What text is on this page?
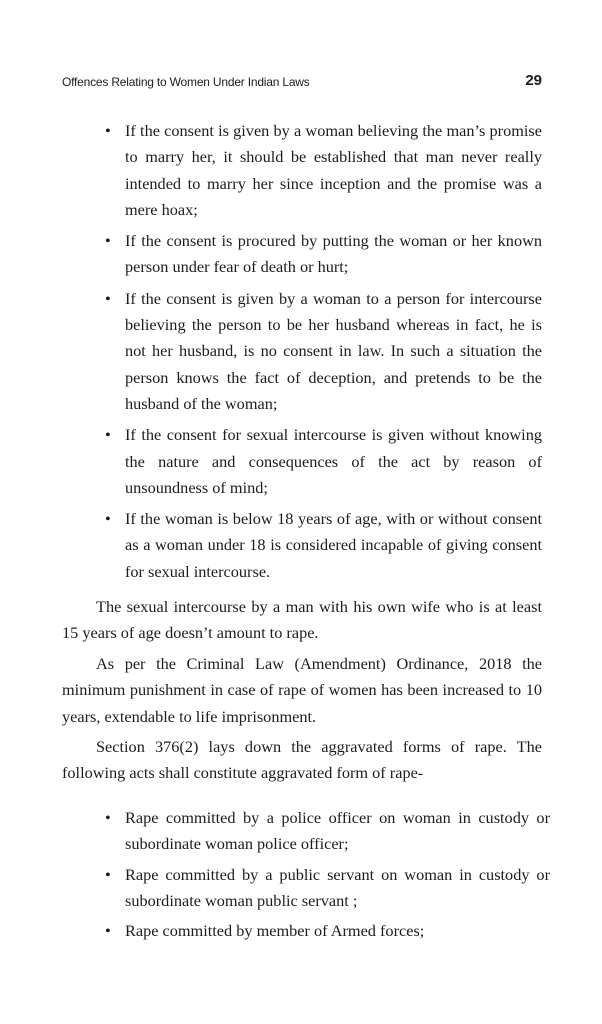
Offences Relating to Women Under Indian Laws	29
• If the consent is given by a woman believing the man’s promise to marry her, it should be established that man never really intended to marry her since inception and the promise was a mere hoax;
• If the consent is procured by putting the woman or her known person under fear of death or hurt;
• If the consent is given by a woman to a person for intercourse believing the person to be her husband whereas in fact, he is not her husband, is no consent in law. In such a situation the person knows the fact of deception, and pretends to be the husband of the woman;
• If the consent for sexual intercourse is given without knowing the nature and consequences of the act by reason of unsoundness of mind;
• If the woman is below 18 years of age, with or without consent as a woman under 18 is considered incapable of giving consent for sexual intercourse.

The sexual intercourse by a man with his own wife who is at least 15 years of age doesn’t amount to rape.

As per the Criminal Law (Amendment) Ordinance, 2018 the minimum punishment in case of rape of women has been increased to 10 years, extendable to life imprisonment.

Section 376(2) lays down the aggravated forms of rape. The following acts shall constitute aggravated form of rape-

• Rape committed by a police officer on woman in custody or subordinate woman police officer;
• Rape committed by a public servant on woman in custody or subordinate woman public servant ;
• Rape committed by member of Armed forces;
